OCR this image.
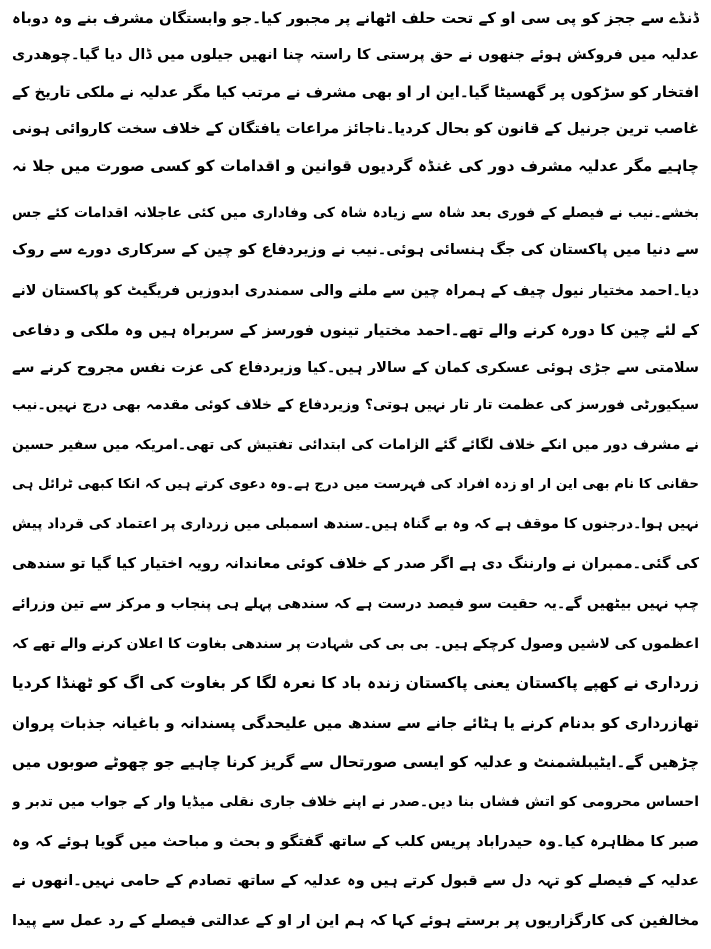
ڈنڈے سے ججز کو پی سی او کے تحت حلف اٹھانے پر مجبور کیا۔جو وابستگان مشرف بنے وہ دوباہ
عدلیہ میں فروکش ہوئے جنھوں نے حق پرستی کا راستہ چنا انھیں جیلوں میں ڈال دیا گیا۔چوھدری
افتخار کو سڑکوں پر گھسیٹا گیا۔این ار او بھی مشرف نے مرتب کیا مگر عدلیہ نے ملکی تاریخ کے
غاصب ترین جرنیل کے قانون کو بحال کردیا۔ناجائز مراعات یافتگان کے خلاف سخت کاروائی ہونی
چاہیے مگر عدلیہ مشرف دور کی غنڈہ گردیوں قوانین و اقدامات کو کسی صورت میں جلا نہ
بخشے۔نیب نے فیصلے کے فوری بعد شاہ سے زیادہ شاہ کی وفاداری میں کئی عاجلانہ اقدامات کئے جس
سے دنیا میں پاکستان کی جگ ہنسائی ہوئی۔نیب نے وزیردفاع کو چین کے سرکاری دورے سے روک
دیا۔احمد مختیار نیول چیف کے ہمراہ چین سے ملنے والی سمندری ابدوزیں فریگیٹ کو پاکستان لانے
کے لئے چین کا دورہ کرنے والے تھے۔احمد مختیار تینوں فورسز کے سربراہ ہیں وہ ملکی و دفاعی
سلامتی سے جڑی ہوئی عسکری کمان کے سالار ہیں۔کیا وزیردفاع کی عزت نفس مجروح کرنے سے
سیکیورٹی فورسز کی عظمت تار تار نہیں ہوتی؟ وزیردفاع کے خلاف کوئی مقدمہ بھی درج نہیں۔نیب
نے مشرف دور میں انکے خلاف لگائے گئے الزامات کی ابتدائی تفتیش کی تھی۔امریکہ میں سفیر حسین
حقانی کا نام بھی این ار او زدہ افراد کی فہرست میں درج ہے۔وہ دعوی کرتے ہیں کہ انکا کبھی ٹرائل ہی
نہیں ہوا۔درجنوں کا موقف ہے کہ وہ بے گناہ ہیں۔سندھ اسمبلی میں زرداری پر اعتماد کی قرداد پیش
کی گئی۔ممبران نے وارننگ دی ہے اگر صدر کے خلاف کوئی معاندانہ رویہ اختیار کیا گیا تو سندھی
چپ نہیں بیٹھیں گے۔یہ حقیت سو فیصد درست ہے کہ سندھی پہلے ہی پنجاب و مرکز سے تین وزرائے
اعظموں کی لاشیں وصول کرچکے ہیں۔ بی بی کی شہادت پر سندھی بغاوت کا اعلان کرنے والے تھے کہ
زرداری نے کھپے پاکستان یعنی پاکستان زندہ باد کا نعرہ لگا کر بغاوت کی اگ کو ٹھنڈا کردیا
تھازرداری کو بدنام کرنے یا ہٹائے جانے سے سندھ میں علیحدگی پسندانہ و باغیانہ جذبات پروان
چڑھیں گے۔ایٹیبلشمنٹ و عدلیہ کو ایسی صورتحال سے گریز کرنا چاہیے جو چھوٹے صوبوں میں
احساس محرومی کو اتش فشاں بنا دیں۔صدر نے اپنے خلاف جاری نقلی میڈیا وار کے جواب میں تدبر و
صبر کا مظاہرہ کیا۔وہ حیدراباد پریس کلب کے ساتھ گفتگو و بحث و مباحث میں گویا ہوئے کہ وہ
عدلیہ کے فیصلے کو تہہ دل سے قبول کرتے ہیں وہ عدلیہ کے ساتھ تصادم کے حامی نہیں۔انھوں نے
مخالفین کی کارگزاریوں پر برستے ہوئے کہا کہ ہم این ار او کے عدالتی فیصلے کے رد عمل سے پیدا
